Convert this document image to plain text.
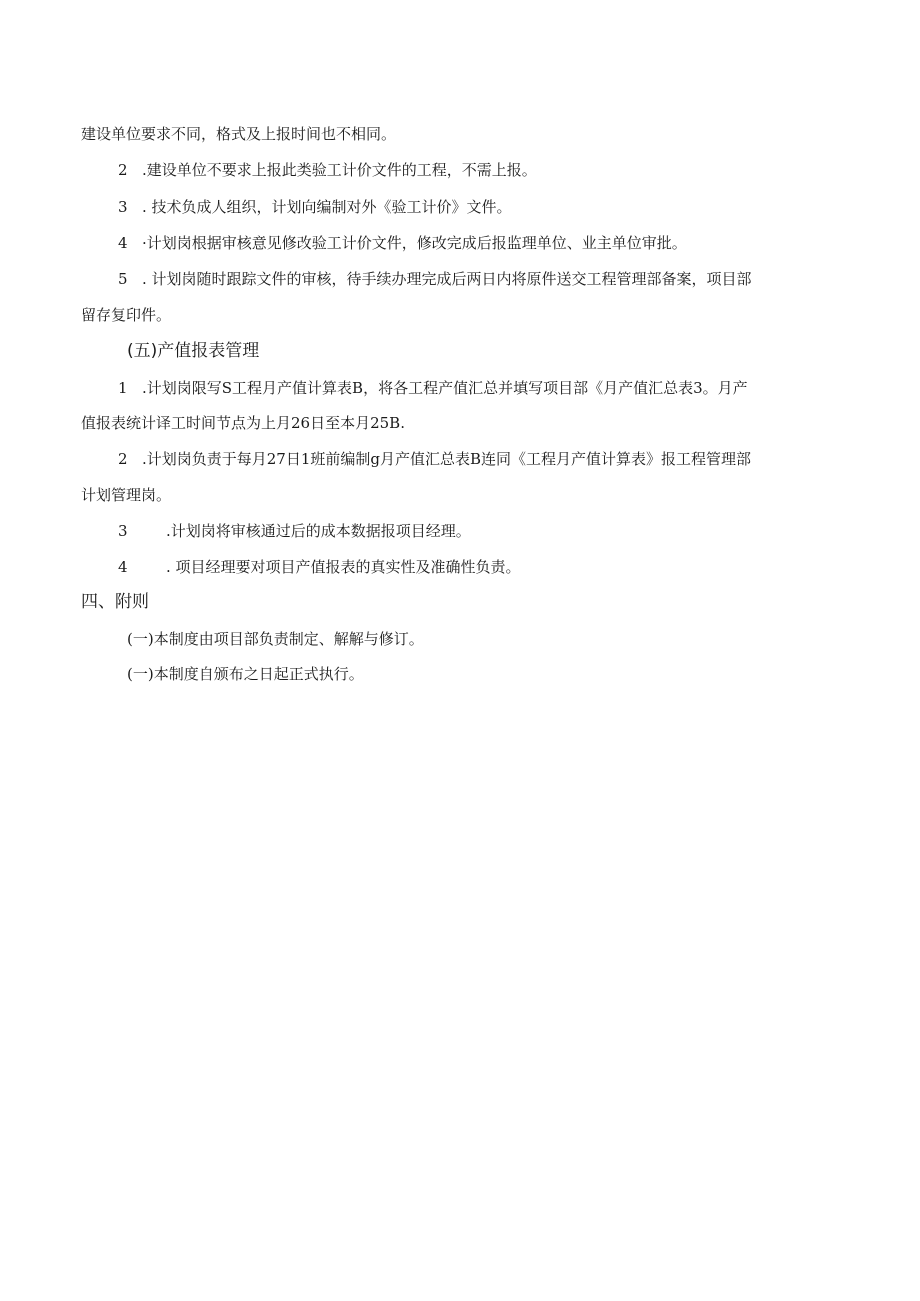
建设单位要求不同，格式及上报时间也不相同。
2 .建设单位不要求上报此类验工计价文件的工程，不需上报。
3 . 技术负成人组织，计划向编制对外《验工计价》文件。
4 ·计划岗根据审核意见修改验工计价文件，修改完成后报监理单位、业主单位审批。
5 . 计划岗随时跟踪文件的审核，待手续办理完成后两日内将原件送交工程管理部备案，项目部
留存复印件。
(五)产值报表管理
1 .计划岗限写S工程月产值计算表B，将各工程产值汇总并填写项目部《月产值汇总表3。月产
值报表统计译工时间节点为上月26日至本月25B.
2 .计划岗负责于每月27日1班前编制g月产值汇总表B连同《工程月产值计算表》报工程管理部
计划管理岗。
3	.计划岗将审核通过后的成本数据报项目经理。
4	. 项目经理要对项目产值报表的真实性及准确性负责。
四、附则
(一)本制度由项目部负责制定、解解与修订。
(一)本制度自颁布之日起正式执行。
